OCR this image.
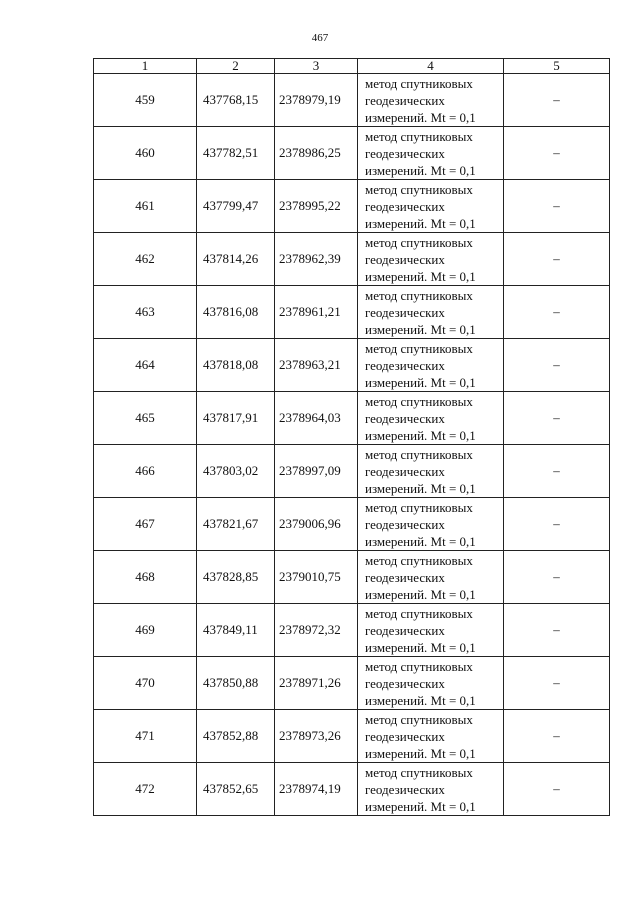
467
1	2	3	4	5
459	437768,15	2378979,19	метод спутниковых
геодезических
измерений. Mt = 0,1	–
460	437782,51	2378986,25	метод спутниковых
геодезических
измерений. Mt = 0,1	–
461	437799,47	2378995,22	метод спутниковых
геодезических
измерений. Mt = 0,1	–
462	437814,26	2378962,39	метод спутниковых
геодезических
измерений. Mt = 0,1	–
463	437816,08	2378961,21	метод спутниковых
геодезических
измерений. Mt = 0,1	–
464	437818,08	2378963,21	метод спутниковых
геодезических
измерений. Mt = 0,1	–
465	437817,91	2378964,03	метод спутниковых
геодезических
измерений. Mt = 0,1	–
466	437803,02	2378997,09	метод спутниковых
геодезических
измерений. Mt = 0,1	–
467	437821,67	2379006,96	метод спутниковых
геодезических
измерений. Mt = 0,1	–
468	437828,85	2379010,75	метод спутниковых
геодезических
измерений. Mt = 0,1	–
469	437849,11	2378972,32	метод спутниковых
геодезических
измерений. Mt = 0,1	–
470	437850,88	2378971,26	метод спутниковых
геодезических
измерений. Mt = 0,1	–
471	437852,88	2378973,26	метод спутниковых
геодезических
измерений. Mt = 0,1	–
472	437852,65	2378974,19	метод спутниковых
геодезических
измерений. Mt = 0,1	–
